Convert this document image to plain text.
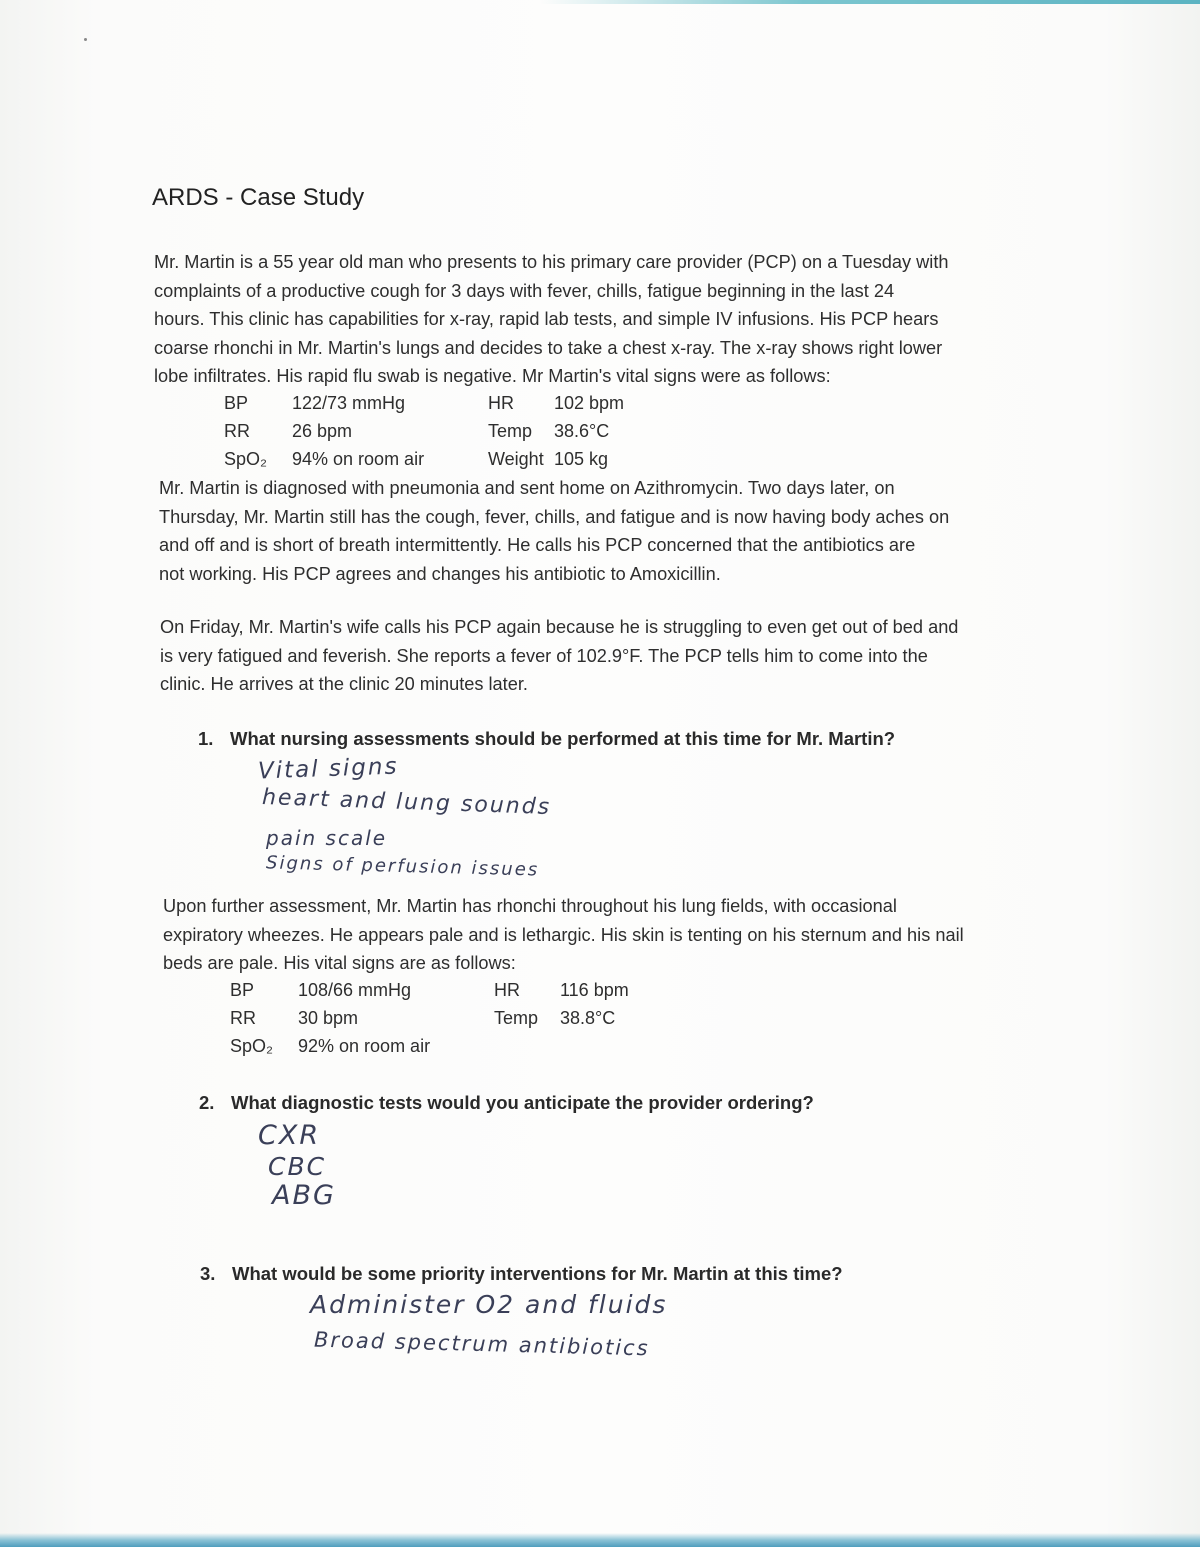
ARDS - Case Study

Mr. Martin is a 55 year old man who presents to his primary care provider (PCP) on a Tuesday with
complaints of a productive cough for 3 days with fever, chills, fatigue beginning in the last 24
hours. This clinic has capabilities for x-ray, rapid lab tests, and simple IV infusions. His PCP hears
coarse rhonchi in Mr. Martin's lungs and decides to take a chest x-ray. The x-ray shows right lower
lobe infiltrates. His rapid flu swab is negative. Mr Martin's vital signs were as follows:

BP 122/73 mmHg	HR 102 bpm
RR 26 bpm	Temp 38.6°C
SpO₂ 94% on room air	Weight 105 kg

Mr. Martin is diagnosed with pneumonia and sent home on Azithromycin. Two days later, on
Thursday, Mr. Martin still has the cough, fever, chills, and fatigue and is now having body aches on
and off and is short of breath intermittently. He calls his PCP concerned that the antibiotics are
not working. His PCP agrees and changes his antibiotic to Amoxicillin.

On Friday, Mr. Martin's wife calls his PCP again because he is struggling to even get out of bed and
is very fatigued and feverish. She reports a fever of 102.9°F. The PCP tells him to come into the
clinic. He arrives at the clinic 20 minutes later.

1. What nursing assessments should be performed at this time for Mr. Martin?
Vital signs
heart and lung sounds
pain scale
Signs of perfusion issues

Upon further assessment, Mr. Martin has rhonchi throughout his lung fields, with occasional
expiratory wheezes. He appears pale and is lethargic. His skin is tenting on his sternum and his nail
beds are pale. His vital signs are as follows:

BP 108/66 mmHg	HR 116 bpm
RR 30 bpm	Temp 38.8°C
SpO₂ 92% on room air
2. What diagnostic tests would you anticipate the provider ordering?
CXR
CBC
ABG
3. What would be some priority interventions for Mr. Martin at this time?
Administer O2 and fluids
Broad spectrum antibiotics
